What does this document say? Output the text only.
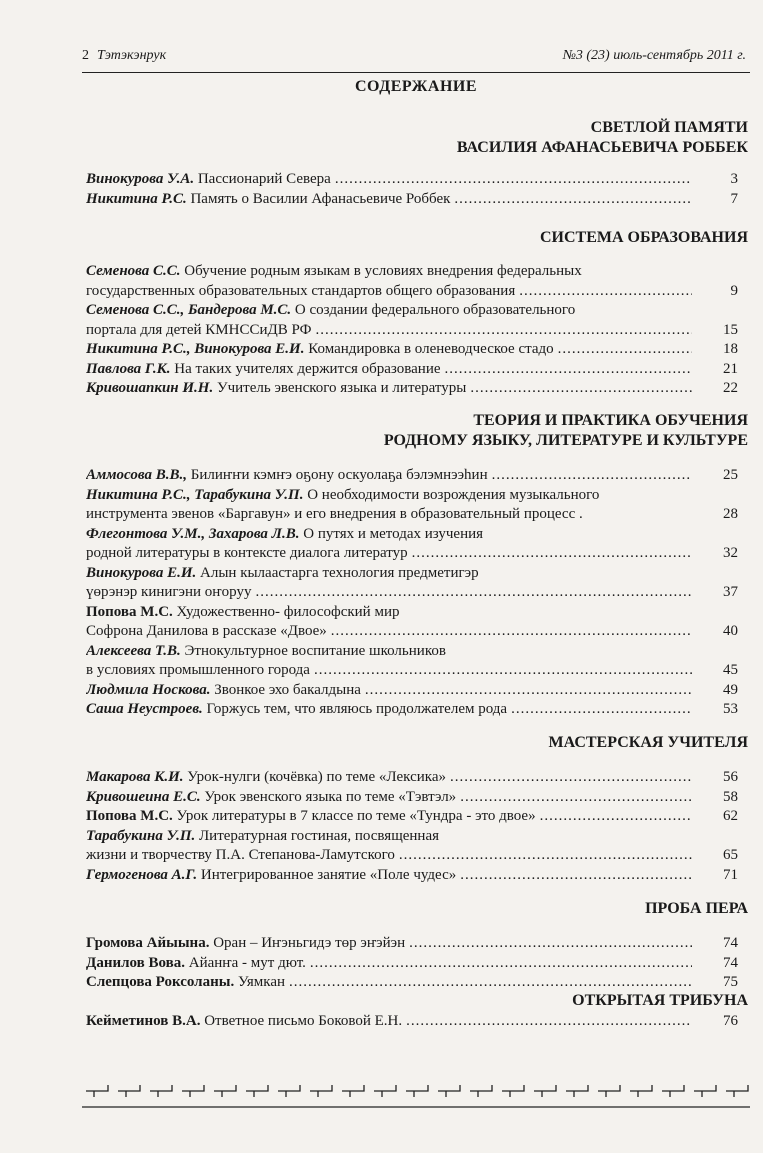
2 Тэтэкэнрук	№3 (23) июль-сентябрь 2011 г.
СОДЕРЖАНИЕ
СВЕТЛОЙ ПАМЯТИ
ВАСИЛИЯ АФАНАСЬЕВИЧА РОББЕК
Винокурова У.А. Пассионарий Севера .....	3
Никитина Р.С. Память о Василии Афанасьевиче Роббек .....	7
СИСТЕМА ОБРАЗОВАНИЯ
Семенова С.С. Обучение родным языкам в условиях внедрения федеральных
государственных образовательных стандартов общего образования .....	9
Семенова С.С., Бандерова М.С. О создании федерального образовательного
портала для детей КМНССиДВ РФ .....	15
Никитина Р.С., Винокурова Е.И. Командировка в оленеводческое стадо .....	18
Павлова Г.К. На таких учителях держится образование .....	21
Кривошапкин И.Н. Учитель эвенского языка и литературы .....	22
ТЕОРИЯ И ПРАКТИКА ОБУЧЕНИЯ
РОДНОМУ ЯЗЫКУ, ЛИТЕРАТУРЕ И КУЛЬТУРЕ
Аммосова В.В., Билиҥҥи кэмҥэ оҕону оскуолаҕа бэлэмнээһин .....	25
Никитина Р.С., Тарабукина У.П. О необходимости возрождения музыкального
инструмента эвенов «Баргавун» и его внедрения в образовательный процесс .	28
Флегонтова У.М., Захарова Л.В. О путях и методах изучения
родной литературы в контексте диалога литератур .....	32
Винокурова Е.И. Алын кылаастарга технология предметигэр
үөрэнэр кинигэни оҥоруу .....	37
Попова М.С. Художественно- философский мир
Софрона Данилова в рассказе «Двое» .....	40
Алексеева Т.В. Этнокультурное воспитание школьников
в условиях промышленного города .....	45
Людмила Носкова. Звонкое эхо бакалдына .....	49
Саша Неустроев. Горжусь тем, что являюсь продолжателем рода .....	53
МАСТЕРСКАЯ УЧИТЕЛЯ
Макарова К.И. Урок-нулги (кочёвка) по теме «Лексика» .....	56
Кривошеина Е.С. Урок эвенского языка по теме «Тэвтэл» .....	58
Попова М.С. Урок литературы в 7 классе по теме «Тундра - это двое» .....	62
Тарабукина У.П. Литературная гостиная, посвященная
жизни и творчеству П.А. Степанова-Ламутского .....	65
Гермогенова А.Г. Интегрированное занятие «Поле чудес» .....	71
ПРОБА ПЕРА
Громова Айыына. Оран – Иҥэньгидэ төр эҥэйэн .....	74
Данилов Вова. Айанҥа - мут дют. .....	74
Слепцова Роксоланы. Уямкан .....	75
ОТКРЫТАЯ ТРИБУНА
Кейметинов В.А. Ответное письмо Боковой Е.Н. .....	76
